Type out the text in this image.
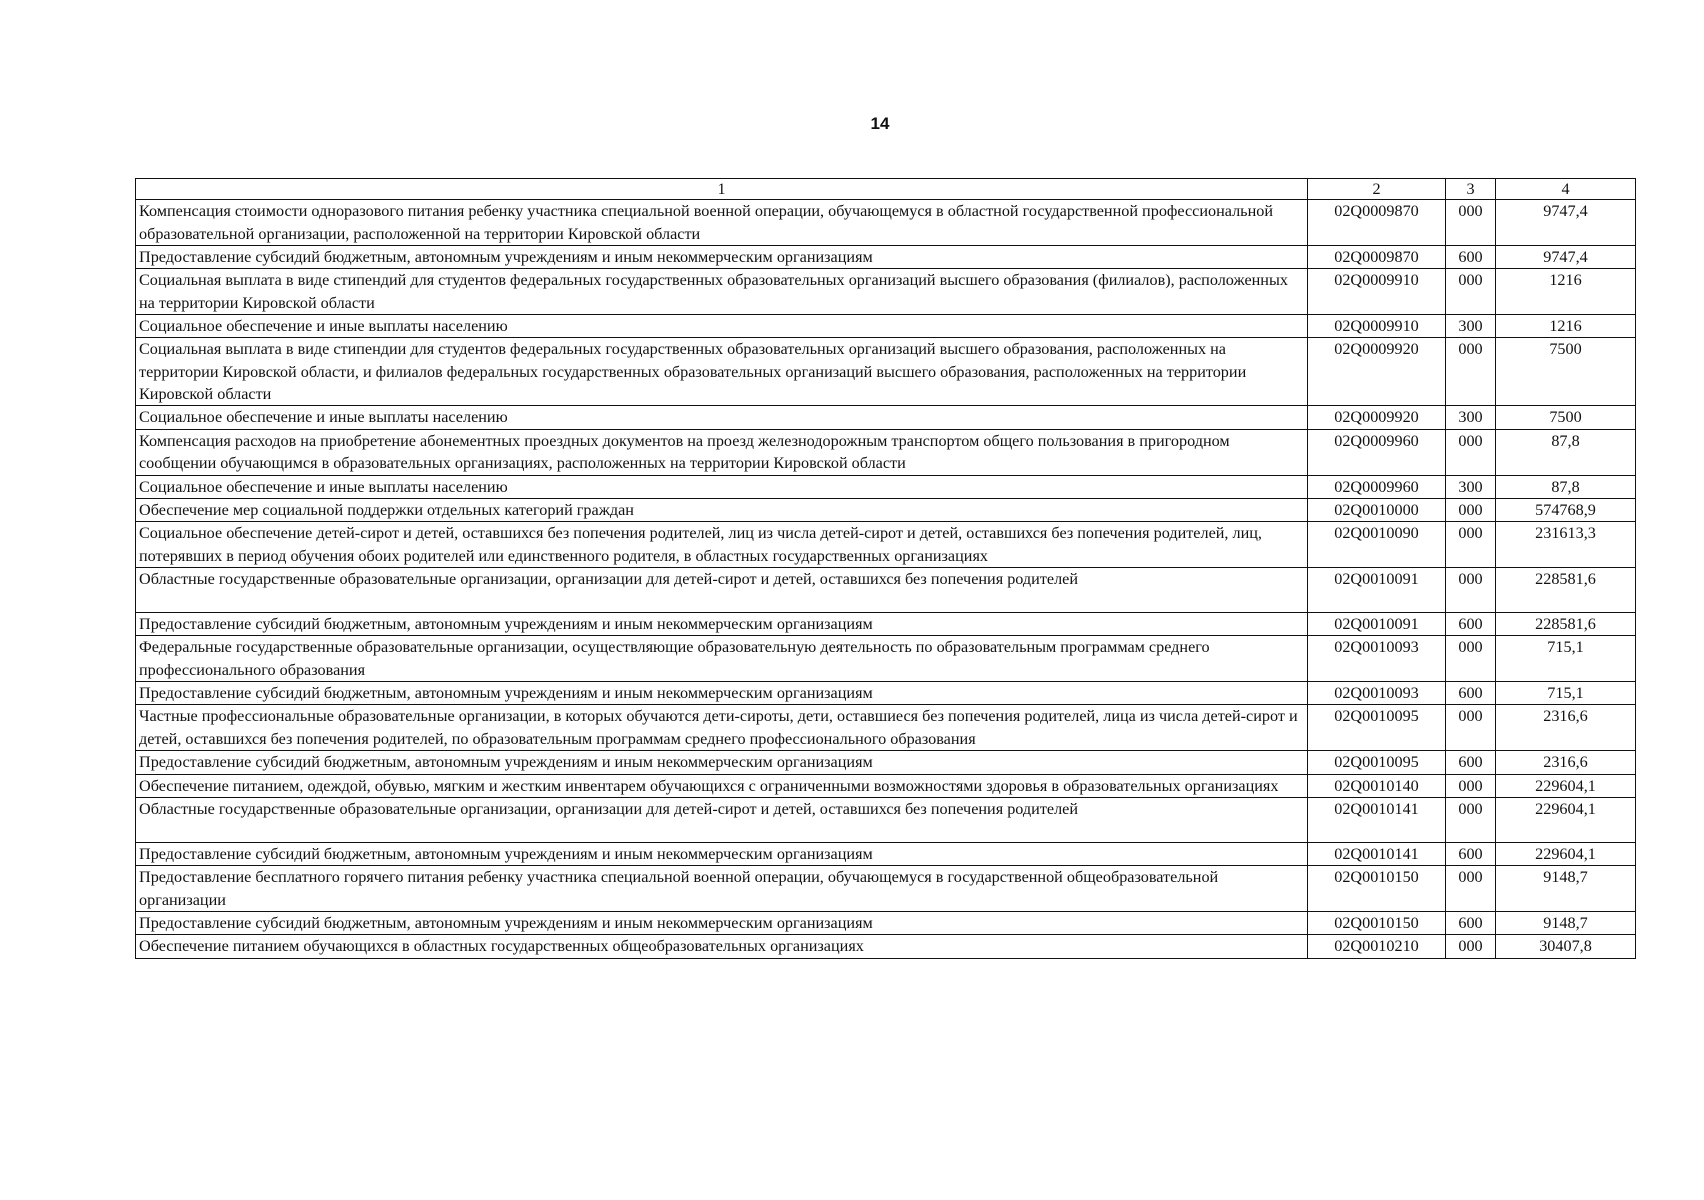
14
1	2	3	4
Компенсация стоимости одноразового питания ребенку участника специальной военной операции, обучающемуся в областной государственной профессиональной образовательной организации, расположенной на территории Кировской области	02Q0009870	000	9747,4
Предоставление субсидий бюджетным, автономным учреждениям и иным некоммерческим организациям	02Q0009870	600	9747,4
Социальная выплата в виде стипендий для студентов федеральных государственных образовательных организаций высшего образования (филиалов), расположенных на территории Кировской области	02Q0009910	000	1216
Социальное обеспечение и иные выплаты населению	02Q0009910	300	1216
Социальная выплата в виде стипендии для студентов федеральных государственных образовательных организаций высшего образования, расположенных на территории Кировской области, и филиалов федеральных государственных образовательных организаций высшего образования, расположенных на территории Кировской области	02Q0009920	000	7500
Социальное обеспечение и иные выплаты населению	02Q0009920	300	7500
Компенсация расходов на приобретение абонементных проездных документов на проезд железнодорожным транспортом общего пользования в пригородном сообщении обучающимся в образовательных организациях, расположенных на территории Кировской области	02Q0009960	000	87,8
Социальное обеспечение и иные выплаты населению	02Q0009960	300	87,8
Обеспечение мер социальной поддержки отдельных категорий граждан	02Q0010000	000	574768,9
Социальное обеспечение детей-сирот и детей, оставшихся без попечения родителей, лиц из числа детей-сирот и детей, оставшихся без попечения родителей, лиц, потерявших в период обучения обоих родителей или единственного родителя, в областных государственных организациях	02Q0010090	000	231613,3
Областные государственные образовательные организации, организации для детей-сирот и детей, оставшихся без попечения родителей	02Q0010091	000	228581,6
Предоставление субсидий бюджетным, автономным учреждениям и иным некоммерческим организациям	02Q0010091	600	228581,6
Федеральные государственные образовательные организации, осуществляющие образовательную деятельность по образовательным программам среднего профессионального образования	02Q0010093	000	715,1
Предоставление субсидий бюджетным, автономным учреждениям и иным некоммерческим организациям	02Q0010093	600	715,1
Частные профессиональные образовательные организации, в которых обучаются дети-сироты, дети, оставшиеся без попечения родителей, лица из числа детей-сирот и детей, оставшихся без попечения родителей, по образовательным программам среднего профессионального образования	02Q0010095	000	2316,6
Предоставление субсидий бюджетным, автономным учреждениям и иным некоммерческим организациям	02Q0010095	600	2316,6
Обеспечение питанием, одеждой, обувью, мягким и жестким инвентарем обучающихся с ограниченными возможностями здоровья в образовательных организациях	02Q0010140	000	229604,1
Областные государственные образовательные организации, организации для детей-сирот и детей, оставшихся без попечения родителей	02Q0010141	000	229604,1
Предоставление субсидий бюджетным, автономным учреждениям и иным некоммерческим организациям	02Q0010141	600	229604,1
Предоставление бесплатного горячего питания ребенку участника специальной военной операции, обучающемуся в государственной общеобразовательной организации	02Q0010150	000	9148,7
Предоставление субсидий бюджетным, автономным учреждениям и иным некоммерческим организациям	02Q0010150	600	9148,7
Обеспечение питанием обучающихся в областных государственных общеобразовательных организациях	02Q0010210	000	30407,8
